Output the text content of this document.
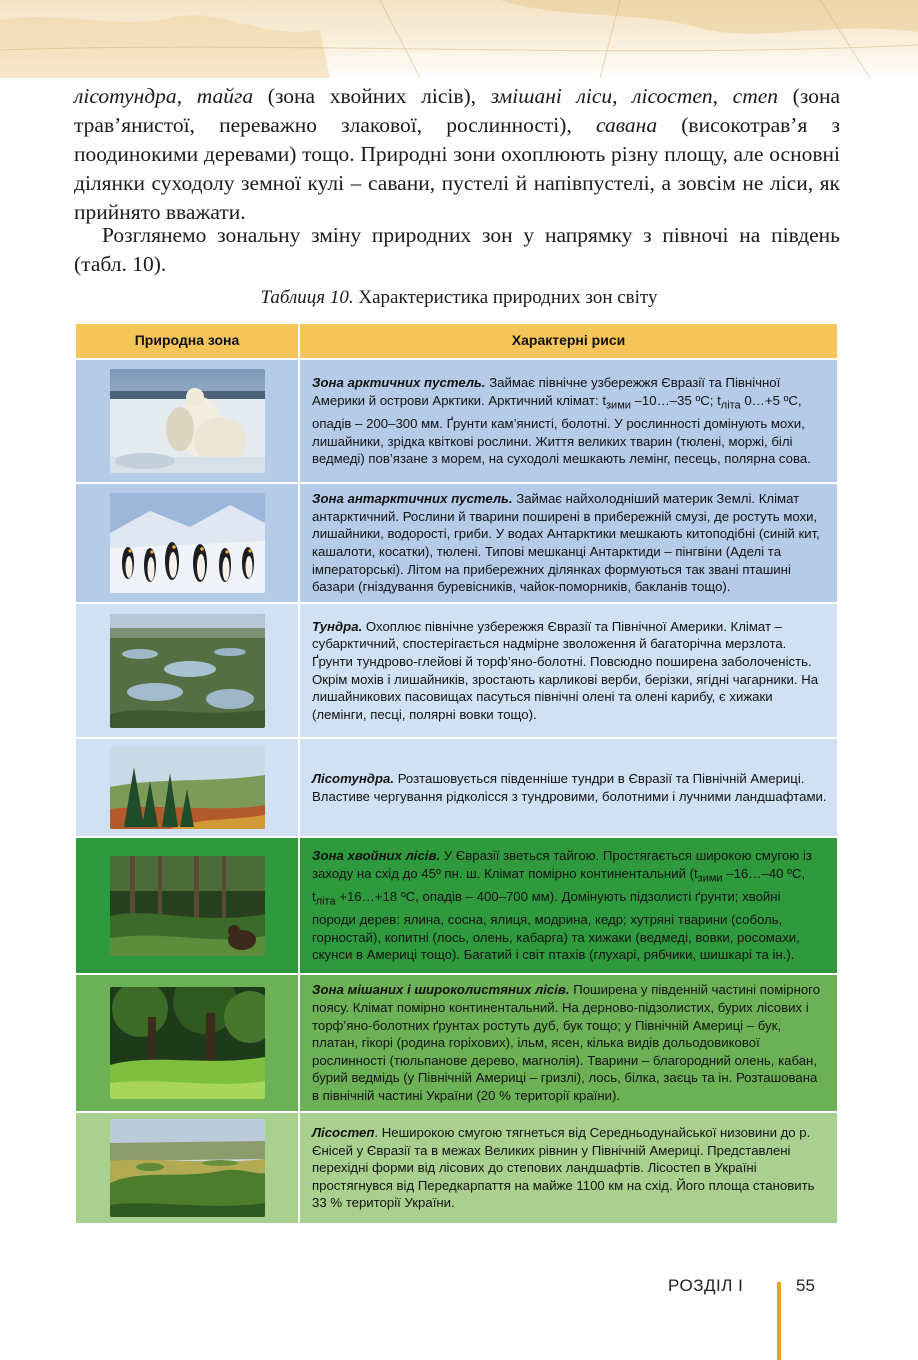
лісотундра, тайга (зона хвойних лісів), змішані ліси, лісостеп, степ (зона трав’янистої, переважно злакової, рослинності), савана (високотрав’я з поодинокими деревами) тощо. Природні зони охоплюють різну площу, але основні ділянки суходолу земної кулі – савани, пустелі й напівпустелі, а зовсім не ліси, як прийнято вважати.

Розглянемо зональну зміну природних зон у напрямку з півночі на південь (табл. 10).

Таблиця 10. Характеристика природних зон світу
Природна зона	Характерні риси

	Зона арктичних пустель. Займає північне узбережжя Євразії та Північної Америки й острови Арктики. Арктичний клімат: $t_{зими}$ –10…–35 ºС; $t_{літа}$ 0…+5 ºС, опадів – 200–300 мм. Ґрунти кам’янисті, болотні. У рослинності домінують мохи, лишайники, зрідка квіткові рослини. Життя великих тварин (тюлені, моржі, білі ведмеді) пов’язане з морем, на суходолі мешкають лемінг, песець, полярна сова.

	Зона антарктичних пустель. Займає найхолодніший материк Землі. Клімат антарктичний. Рослини й тварини поширені в прибережній смузі, де ростуть мохи, лишайники, водорості, гриби. У водах Антарктики мешкають китоподібні (синій кит, кашалоти, косатки), тюлені. Типові мешканці Антарктиди – пінгвіни (Аделі та імператорські). Літом на прибережних ділянках формуються так звані пташині базари (гніздування буревісників, чайок-поморників, бакланів тощо).

	Тундра. Охоплює північне узбережжя Євразії та Північної Америки. Клімат – субарктичний, спостерігається надмірне зволоження й багаторічна мерзлота. Ґрунти тундрово-глейові й торф’яно-болотні. Повсюдно поширена заболоченість. Окрім мохів і лишайників, зростають карликові верби, берізки, ягідні чагарники. На лишайникових пасовищах пасуться північні олені та олені карибу, є хижаки (лемінги, песці, полярні вовки тощо).

	Лісотундра. Розташовується південніше тундри в Євразії та Північній Америці. Властиве чергування рідколісся з тундровими, болотними і лучними ландшафтами.

	Зона хвойних лісів. У Євразії зветься тайгою. Простягається широкою смугою із заходу на схід до 45º пн. ш. Клімат помірно континентальний ($t_{зими}$ –16…–40 ºС, $t_{літа}$ +16…+18 ºС, опадів – 400–700 мм). Домінують підзолисті ґрунти; хвойні породи дерев: ялина, сосна, ялиця, модрина, кедр; хутряні тварини (соболь, горностай), копитні (лось, олень, кабарга) та хижаки (ведмеді, вовки, росомахи, скунси в Америці тощо). Багатий і світ птахів (глухарі, рябчики, шишкарі та ін.).

	Зона мішаних і широколистяних лісів. Поширена у південній частині помірного поясу. Клімат помірно континентальний. На дерново-підзолистих, бурих лісових і торф’яно-болотних ґрунтах ростуть дуб, бук тощо; у Північній Америці – бук, платан, гікорі (родина горіхових), ільм, ясен, кілька видів дольодовикової рослинності (тюльпанове дерево, магнолія). Тварини – благородний олень, кабан, бурий ведмідь (у Північній Америці – гризлі), лось, білка, заєць та ін. Розташована в північній частині України (20 % території країни).

	Лісостеп. Неширокою смугою тягнеться від Середньодунайської низовини до р. Єнісей у Євразії та в межах Великих рівнин у Північній Америці. Представлені перехідні форми від лісових до степових ландшафтів. Лісостеп в Україні простягнувся від Передкарпаття на майже 1100 км на схід. Його площа становить 33 % території України.
РОЗДІЛ І	55
